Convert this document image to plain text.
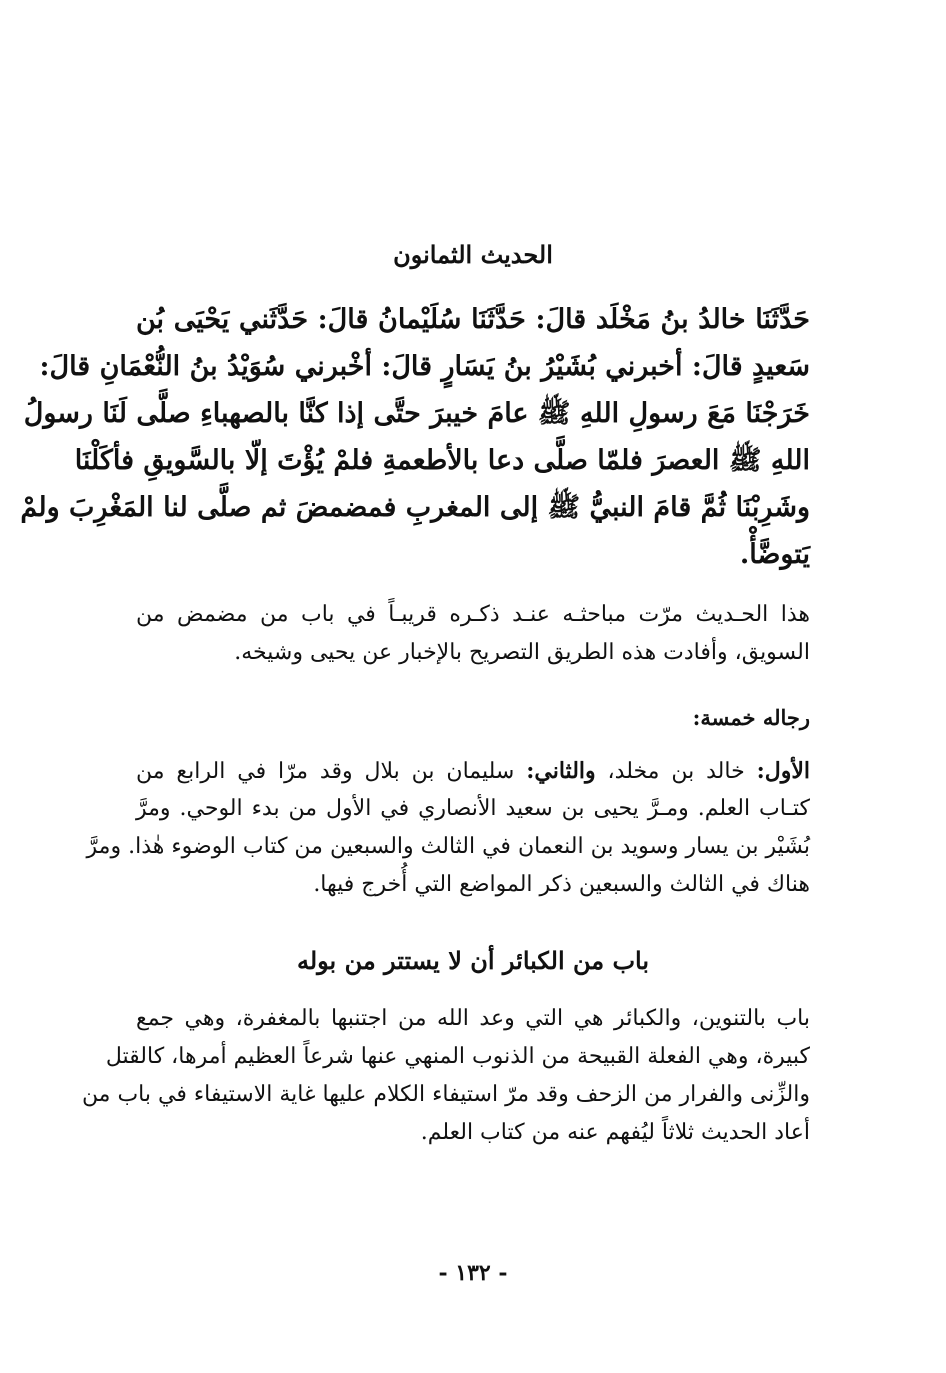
الحديث الثمانون
حَدَّثَنَا خالدُ بنُ مَخْلَد قالَ: حَدَّثَنَا سُلَيْمانُ قالَ: حَدَّثَني يَحْيَى بُن
سَعيدٍ قالَ: أخبرني بُشَيْرُ بنُ يَسَارٍ قالَ: أخْبرني سُوَيْدُ بنُ النُّعْمَانِ قالَ:
خَرَجْنَا مَعَ رسولِ اللهِ ﷺ عامَ خيبرَ حتَّى إذا كنَّا بالصهباءِ صلَّى لَنَا رسولُ
اللهِ ﷺ العصرَ فلمّا صلَّى دعا بالأطعمةِ فلمْ يُؤْتَ إلّا بالسَّويقِ فأكَلْنَا
وشَرِبْنَا ثُمَّ قامَ النبيُّ ﷺ إلى المغربِ فمضمضَ ثم صلَّى لنا المَغْرِبَ ولمْ
يَتوضَّأْ.
هذا الحـديث مرّت مباحثـه عنـد ذكـره قريبـاً في باب من مضمض من
السويق، وأفادت هذه الطريق التصريح بالإخبار عن يحيى وشيخه.
رجاله خمسة:
الأول: خالد بن مخلد، والثاني: سليمان بن بلال وقد مرّا في الرابع من
كتـاب العلم. ومـرَّ يحيى بن سعيد الأنصاري في الأول من بدء الوحي. ومرَّ
بُشَيْر بن يسار وسويد بن النعمان في الثالث والسبعين من كتاب الوضوء هٰذا. ومرَّ
هناك في الثالث والسبعين ذكر المواضع التي أُخرج فيها.
باب من الكبائر أن لا يستتر من بوله
باب بالتنوين، والكبائر هي التي وعد الله من اجتنبها بالمغفرة، وهي جمع
كبيرة، وهي الفعلة القبيحة من الذنوب المنهي عنها شرعاً العظيم أمرها، كالقتل
والزِّنى والفرار من الزحف وقد مرّ استيفاء الكلام عليها غاية الاستيفاء في باب من
أعاد الحديث ثلاثاً ليُفهم عنه من كتاب العلم.
- ١٣٢ -
